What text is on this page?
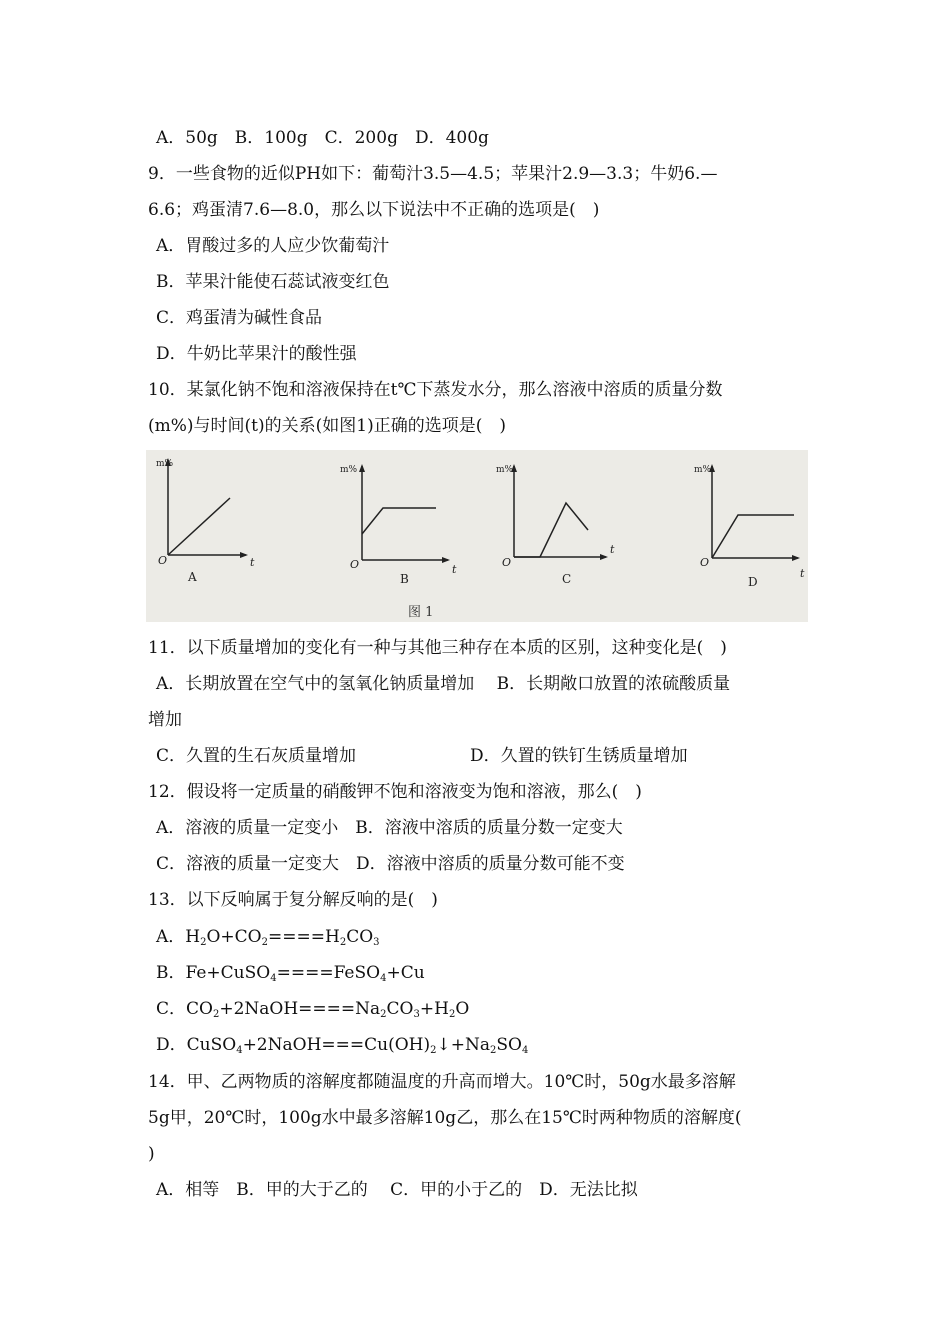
A．50g　B．100g　C．200g　D．400g
9．一些食物的近似PH如下：葡萄汁3.5—4.5；苹果汁2.9—3.3；牛奶6.—
6.6；鸡蛋清7.6—8.0，那么以下说法中不正确的选项是(　)
A．胃酸过多的人应少饮葡萄汁
B．苹果汁能使石蕊试液变红色
C．鸡蛋清为碱性食品
D．牛奶比苹果汁的酸性强
10．某氯化钠不饱和溶液保持在t℃下蒸发水分，那么溶液中溶质的质量分数
(m%)与时间(t)的关系(如图1)正确的选项是(　)
m%
O	t
A
m%
O	t
B
m%
O
t
C
m%
O
t
D
图 1
11．以下质量增加的变化有一种与其他三种存在本质的区别，这种变化是(　)
A．长期放置在空气中的氢氧化钠质量增加　 B．长期敞口放置的浓硫酸质量
增加
C．久置的生石灰质量增加	D．久置的铁钉生锈质量增加
12．假设将一定质量的硝酸钾不饱和溶液变为饱和溶液，那么(　)
A．溶液的质量一定变小　B．溶液中溶质的质量分数一定变大
C．溶液的质量一定变大　D．溶液中溶质的质量分数可能不变
13．以下反响属于复分解反响的是(　)
A．$H_2O+CO_2====H_2CO_3$
B．Fe+CuSO$_4$====FeSO$_4$+Cu
C．$CO_2+2NaOH====Na_2CO_3+H_2O$
D．$CuSO_4+2NaOH===Cu(OH)_2↓+Na_2SO_4$
14．甲、乙两物质的溶解度都随温度的升高而增大。10℃时，50g水最多溶解
5g甲，20℃时，100g水中最多溶解10g乙，那么在15℃时两种物质的溶解度(
)
A．相等　B．甲的大于乙的　 C．甲的小于乙的　D．无法比拟
